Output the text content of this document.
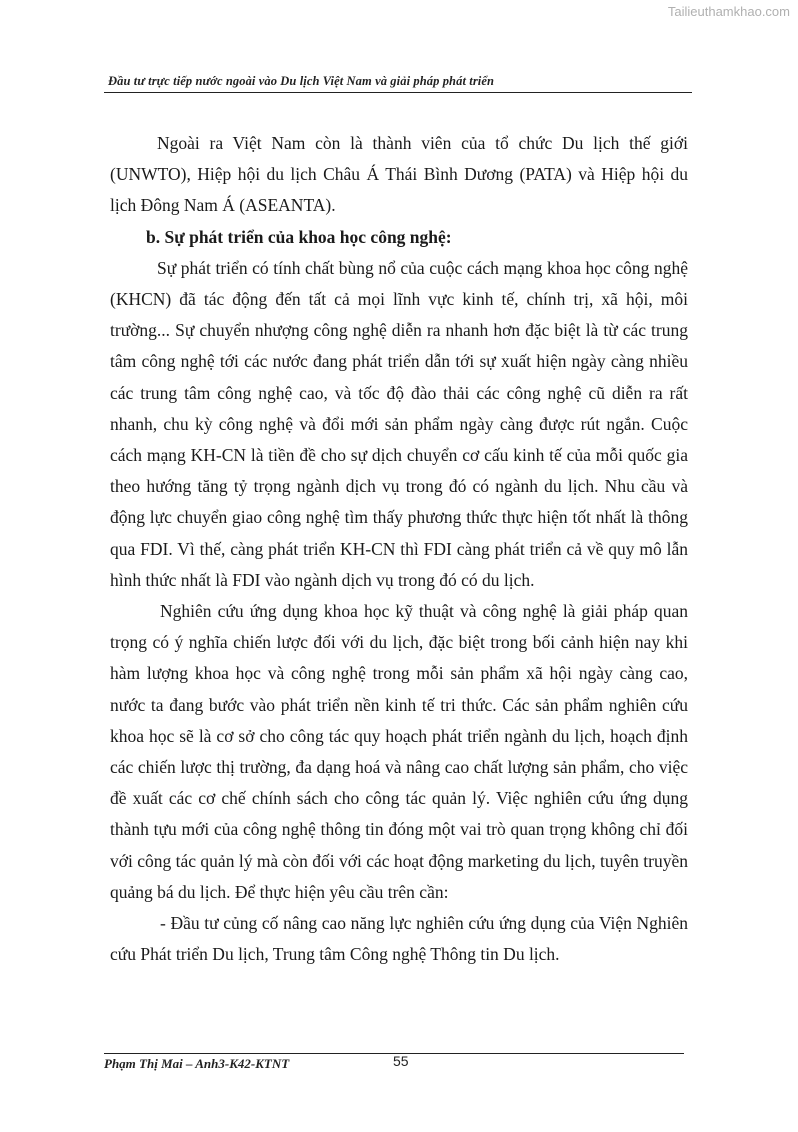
Tailieuthamkhao.com
Đầu tư trực tiếp nước ngoài vào Du lịch Việt Nam và giải pháp phát triển

Ngoài ra Việt Nam còn là thành viên của tổ chức Du lịch thế giới (UNWTO), Hiệp hội du lịch Châu Á Thái Bình Dương (PATA) và Hiệp hội du lịch Đông Nam Á (ASEANTA).

b. Sự phát triển của khoa học công nghệ:

Sự phát triển có tính chất bùng nổ của cuộc cách mạng khoa học công nghệ (KHCN) đã tác động đến tất cả mọi lĩnh vực kinh tế, chính trị, xã hội, môi trường... Sự chuyển nhượng công nghệ diễn ra nhanh hơn đặc biệt là từ các trung tâm công nghệ tới các nước đang phát triển dẫn tới sự xuất hiện ngày càng nhiều các trung tâm công nghệ cao, và tốc độ đào thải các công nghệ cũ diễn ra rất nhanh, chu kỳ công nghệ và đổi mới sản phẩm ngày càng được rút ngắn. Cuộc cách mạng KH-CN là tiền đề cho sự dịch chuyển cơ cấu kinh tế của mỗi quốc gia theo hướng tăng tỷ trọng ngành dịch vụ trong đó có ngành du lịch. Nhu cầu và động lực chuyển giao công nghệ tìm thấy phương thức thực hiện tốt nhất là thông qua FDI. Vì thế, càng phát triển KH-CN thì FDI càng phát triển cả về quy mô lẫn hình thức nhất là FDI vào ngành dịch vụ trong đó có du lịch.

Nghiên cứu ứng dụng khoa học kỹ thuật và công nghệ là giải pháp quan trọng có ý nghĩa chiến lược đối với du lịch, đặc biệt trong bối cảnh hiện nay khi hàm lượng khoa học và công nghệ trong mỗi sản phẩm xã hội ngày càng cao, nước ta đang bước vào phát triển nền kinh tế tri thức. Các sản phẩm nghiên cứu khoa học sẽ là cơ sở cho công tác quy hoạch phát triển ngành du lịch, hoạch định các chiến lược thị trường, đa dạng hoá và nâng cao chất lượng sản phẩm, cho việc đề xuất các cơ chế chính sách cho công tác quản lý. Việc nghiên cứu ứng dụng thành tựu mới của công nghệ thông tin đóng một vai trò quan trọng không chỉ đối với công tác quản lý mà còn đối với các hoạt động marketing du lịch, tuyên truyền quảng bá du lịch. Để thực hiện yêu cầu trên cần:

- Đầu tư củng cố nâng cao năng lực nghiên cứu ứng dụng của Viện Nghiên cứu Phát triển Du lịch, Trung tâm Công nghệ Thông tin Du lịch.

Phạm Thị Mai – Anh3-K42-KTNT	55
